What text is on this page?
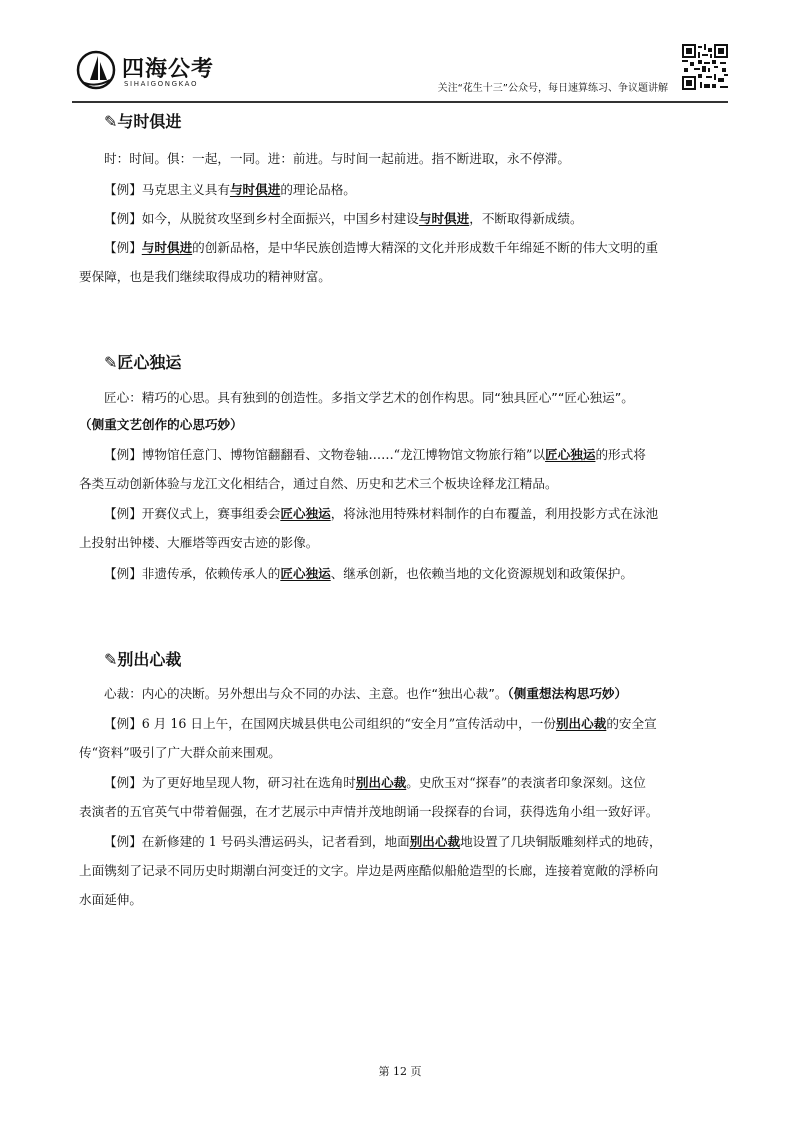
四海公考
SIHAIGONGKAO	关注“花生十三”公众号，每日速算练习、争议题讲解
✎与时俱进
时：时间。俱：一起，一同。进：前进。与时间一起前进。指不断进取，永不停滞。
【例】马克思主义具有与时俱进的理论品格。
【例】如今，从脱贫攻坚到乡村全面振兴，中国乡村建设与时俱进，不断取得新成绩。
【例】与时俱进的创新品格，是中华民族创造博大精深的文化并形成数千年绵延不断的伟大文明的重
要保障，也是我们继续取得成功的精神财富。
✎匠心独运
匠心：精巧的心思。具有独到的创造性。多指文学艺术的创作构思。同“独具匠心”“匠心独运”。
（侧重文艺创作的心思巧妙）
【例】博物馆任意门、博物馆翻翻看、文物卷轴……“龙江博物馆文物旅行箱”以匠心独运的形式将
各类互动创新体验与龙江文化相结合，通过自然、历史和艺术三个板块诠释龙江精品。
【例】开赛仪式上，赛事组委会匠心独运，将泳池用特殊材料制作的白布覆盖，利用投影方式在泳池
上投射出钟楼、大雁塔等西安古迹的影像。
【例】非遗传承，依赖传承人的匠心独运、继承创新，也依赖当地的文化资源规划和政策保护。
✎别出心裁
心裁：内心的决断。另外想出与众不同的办法、主意。也作“独出心裁”。（侧重想法构思巧妙）
【例】6 月 16 日上午，在国网庆城县供电公司组织的“安全月”宣传活动中，一份别出心裁的安全宣
传“资料”吸引了广大群众前来围观。
【例】为了更好地呈现人物，研习社在选角时别出心裁。史欣玉对“探春”的表演者印象深刻。这位
表演者的五官英气中带着倔强，在才艺展示中声情并茂地朗诵一段探春的台词，获得选角小组一致好评。
【例】在新修建的 1 号码头漕运码头，记者看到，地面别出心裁地设置了几块铜版雕刻样式的地砖，
上面镌刻了记录不同历史时期潮白河变迁的文字。岸边是两座酷似船舱造型的长廊，连接着宽敞的浮桥向
水面延伸。
第 12 页
